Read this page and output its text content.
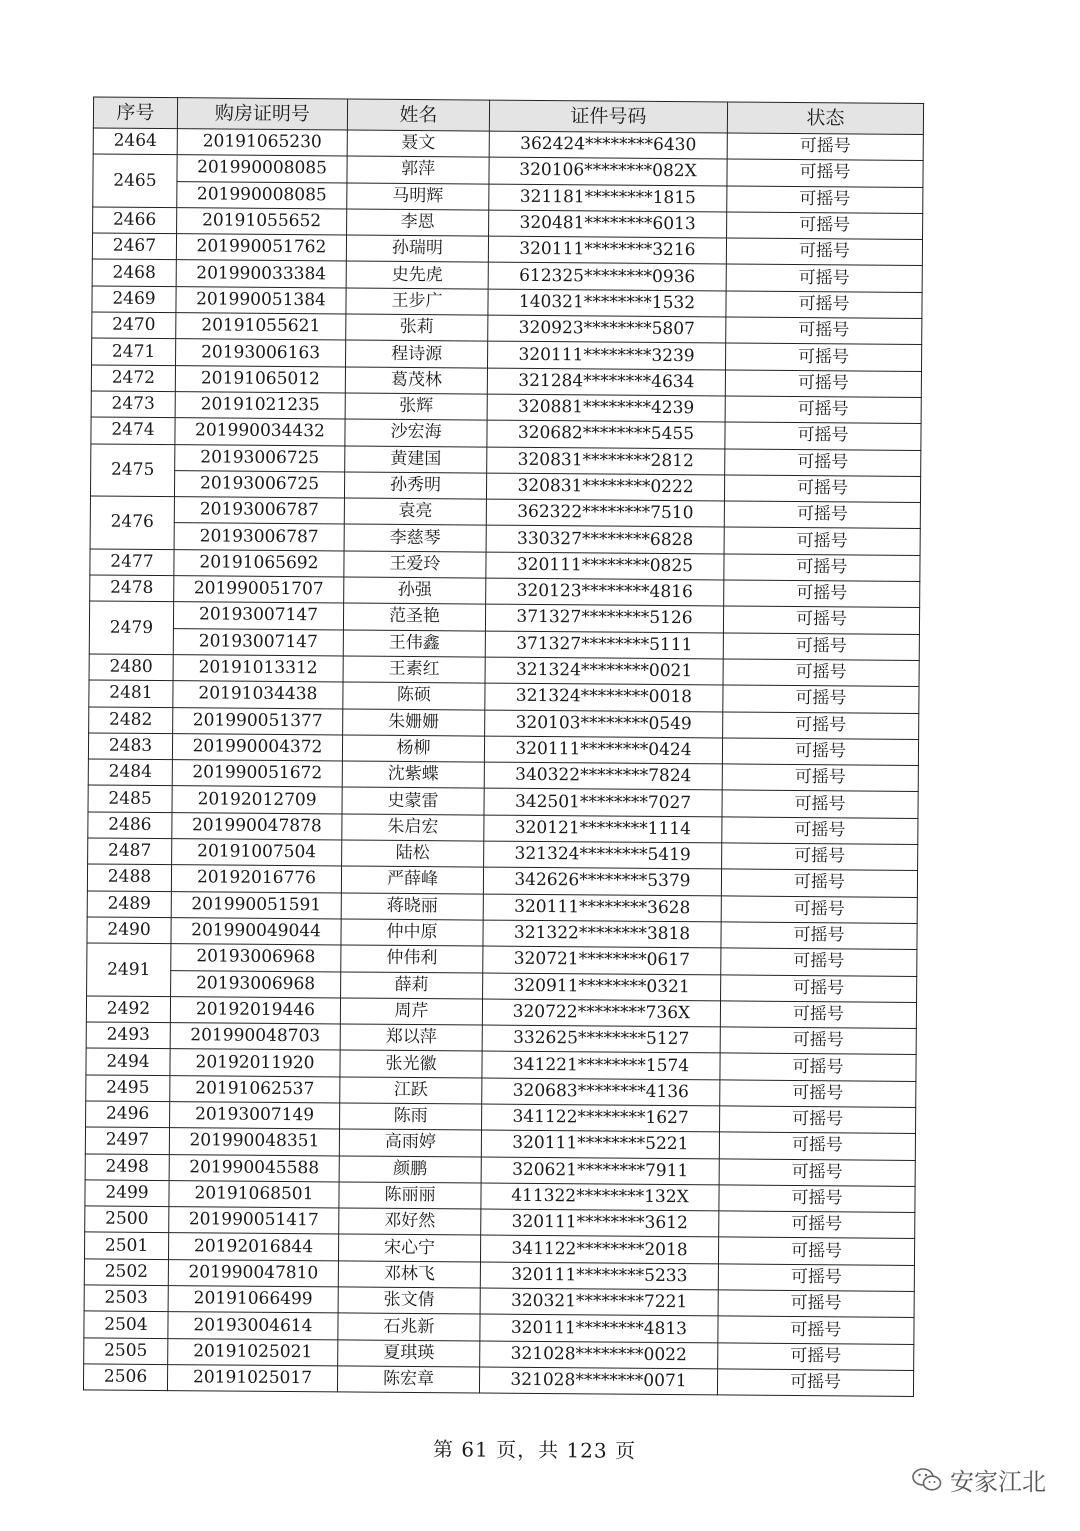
序号	购房证明号	姓名	证件号码	状态
2464	20191065230	聂文	362424********6430	可摇号
2465	201990008085	郭萍	320106********082X	可摇号
	201990008085	马明辉	321181********1815	可摇号
2466	20191055652	李恩	320481********6013	可摇号
2467	201990051762	孙瑞明	320111********3216	可摇号
2468	201990033384	史先虎	612325********0936	可摇号
2469	201990051384	王步广	140321********1532	可摇号
2470	20191055621	张莉	320923********5807	可摇号
2471	20193006163	程诗源	320111********3239	可摇号
2472	20191065012	葛茂林	321284********4634	可摇号
2473	20191021235	张辉	320881********4239	可摇号
2474	201990034432	沙宏海	320682********5455	可摇号
2475	20193006725	黄建国	320831********2812	可摇号
	20193006725	孙秀明	320831********0222	可摇号
2476	20193006787	袁亮	362322********7510	可摇号
	20193006787	李慈琴	330327********6828	可摇号
2477	20191065692	王爱玲	320111********0825	可摇号
2478	201990051707	孙强	320123********4816	可摇号
2479	20193007147	范圣艳	371327********5126	可摇号
	20193007147	王伟鑫	371327********5111	可摇号
2480	20191013312	王素红	321324********0021	可摇号
2481	20191034438	陈硕	321324********0018	可摇号
2482	201990051377	朱姗姗	320103********0549	可摇号
2483	201990004372	杨柳	320111********0424	可摇号
2484	201990051672	沈紫蝶	340322********7824	可摇号
2485	20192012709	史蒙雷	342501********7027	可摇号
2486	201990047878	朱启宏	320121********1114	可摇号
2487	20191007504	陆松	321324********5419	可摇号
2488	20192016776	严薛峰	342626********5379	可摇号
2489	201990051591	蒋晓丽	320111********3628	可摇号
2490	201990049044	仲中原	321322********3818	可摇号
2491	20193006968	仲伟利	320721********0617	可摇号
	20193006968	薛莉	320911********0321	可摇号
2492	20192019446	周芹	320722********736X	可摇号
2493	201990048703	郑以萍	332625********5127	可摇号
2494	20192011920	张光徽	341221********1574	可摇号
2495	20191062537	江跃	320683********4136	可摇号
2496	20193007149	陈雨	341122********1627	可摇号
2497	201990048351	高雨婷	320111********5221	可摇号
2498	201990045588	颜鹏	320621********7911	可摇号
2499	20191068501	陈丽丽	411322********132X	可摇号
2500	201990051417	邓好然	320111********3612	可摇号
2501	20192016844	宋心宁	341122********2018	可摇号
2502	201990047810	邓林飞	320111********5233	可摇号
2503	20191066499	张文倩	320321********7221	可摇号
2504	20193004614	石兆新	320111********4813	可摇号
2505	20191025021	夏琪瑛	321028********0022	可摇号
2506	20191025017	陈宏章	321028********0071	可摇号
第 61 页，共 123 页
安家江北
